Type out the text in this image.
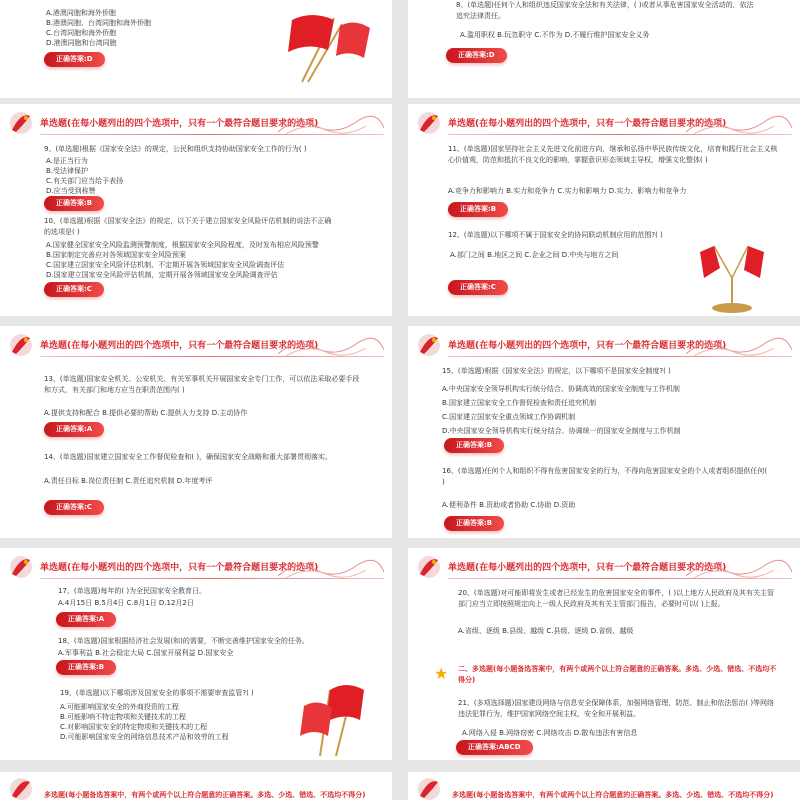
A.港澳同胞和海外侨胞
B.港澳同胞、台湾同胞和海外侨胞
C.台湾同胞和海外侨胞
D.港澳同胞和台湾同胞
正确答案:D
8、(单选题)任何个人和组织违反国家安全法和有关法律，( )或者从事危害国家安全活动的，依法追究法律责任。
A.滥用职权 B.玩忽职守 C.不作为 D.不履行维护国家安全义务
正确答案:D
单选题(在每小题列出的四个选项中，只有一个最符合题目要求的选项)
9、(单选题)根据《国家安全法》的规定，公民和组织支持协助国家安全工作的行为( )
A.是正当行为
B.受法律保护
C.有关部门应当给予表扬
D.应当受到称赞
正确答案:B
10、(单选题)根据《国家安全法》的规定，以下关于建立国家安全风险评估机制的说法不正确的选项是( )
A.国家健全国家安全风险监测预警制度，根据国家安全风险程度，及时发布相应风险预警
B.国家制定完善应对各领域国家安全风险预案
C.国家建立国家安全风险评估机制，不定期开展各领域国家安全风险调查评估
D.国家建立国家安全风险评估机制，定期开展各领域国家安全风险调查评估
正确答案:C
单选题(在每小题列出的四个选项中，只有一个最符合题目要求的选项)
11、(单选题)国家坚持社会主义先进文化前进方向，继承和弘扬中华民族传统文化，培育和践行社会主义核心价值观，防范和抵抗不良文化的影响，掌握意识形态领域主导权，增强文化整体( )
A.竞争力和影响力 B.实力和竞争力 C.实力和影响力 D.实力、影响力和竞争力
正确答案:B
12、(单选题)以下哪项不属于国家安全的协同联动机制应用的范围?( )
A.部门之间 B.地区之间 C.企业之间 D.中央与地方之间
正确答案:C
单选题(在每小题列出的四个选项中，只有一个最符合题目要求的选项)
13、(单选题)国家安全机关、公安机关、有关军事机关开展国家安全专门工作，可以依法采取必要手段和方式，有关部门和地方应当在职责范围内( )
A.提供支持和配合 B.提供必要的帮助 C.提供人力支持 D.主动协作
正确答案:A
14、(单选题)国家建立国家安全工作督促检查和( )，确保国家安全战略和重大部署贯彻落实。
A.责任目标 B.岗位责任制 C.责任追究机制 D.年度考评
正确答案:C
单选题(在每小题列出的四个选项中，只有一个最符合题目要求的选项)
15、(单选题)根据《国家安全法》的规定，以下哪项不是国家安全制度?( )
A.中央国家安全领导机构实行统分结合、协调高效的国家安全制度与工作机制
B.国家建立国家安全工作督促检查和责任追究机制
C.国家建立国家安全重点领域工作协调机制
D.中央国家安全领导机构实行统分结合、协调统一的国家安全制度与工作机制
正确答案:B
16、(单选题)任何个人和组织不得有危害国家安全的行为，不得向危害国家安全的个人或者组织提供任何( )
A.便利条件 B.资助或者协助 C.协助 D.资助
正确答案:B
单选题(在每小题列出的四个选项中，只有一个最符合题目要求的选项)
17、(单选题)每年的( )为全民国家安全教育日。
A.4月15日 B.5月4日 C.8月1日 D.12月2日
正确答案:A
18、(单选题)国家根据经济社会发展(和)的需要，不断完善维护国家安全的任务。
A.军事利益 B.社会稳定大局 C.国家开展利益 D.国家安全
正确答案:B
19、(单选题)以下哪项涉及国家安全的事项不需要审查监管?( )
A.可能影响国家安全的外商投资的工程
B.可能影响不特定物项和关键技术的工程
C.对影响国家安全的特定物项和关键技术的工程
D.可能影响国家安全的网络信息技术产品和效劳的工程
单选题(在每小题列出的四个选项中，只有一个最符合题目要求的选项)
20、(单选题)对可能即将发生或者已经发生的危害国家安全的事件，( )以上地方人民政府及其有关主管部门应当立即按照规定向上一级人民政府及其有关主管部门报告，必要时可以( )上报。
A.省级、逐级 B.县级、越级 C.县级、逐级 D.省级、越级
★ 二、多选题(每小题备选答案中，有两个或两个以上符合题意的正确答案。多选、少选、错选、不选均不得分)
21、(多项选择题)国家建设网络与信息安全保障体系，加强网络管理，防范、制止和依法惩治( )等网络违法犯罪行为，维护国家网络空间主权、安全和开展利益。
A.网络入侵 B.网络窃密 C.网络攻击 D.散布违法有害信息
正确答案:ABCD
多选题(每小题备选答案中，有两个或两个以上符合题意的正确答案。多选、少选、错选、不选均不得分)	多选题(每小题备选答案中，有两个或两个以上符合题意的正确答案。多选、少选、错选、不选均不得分)
